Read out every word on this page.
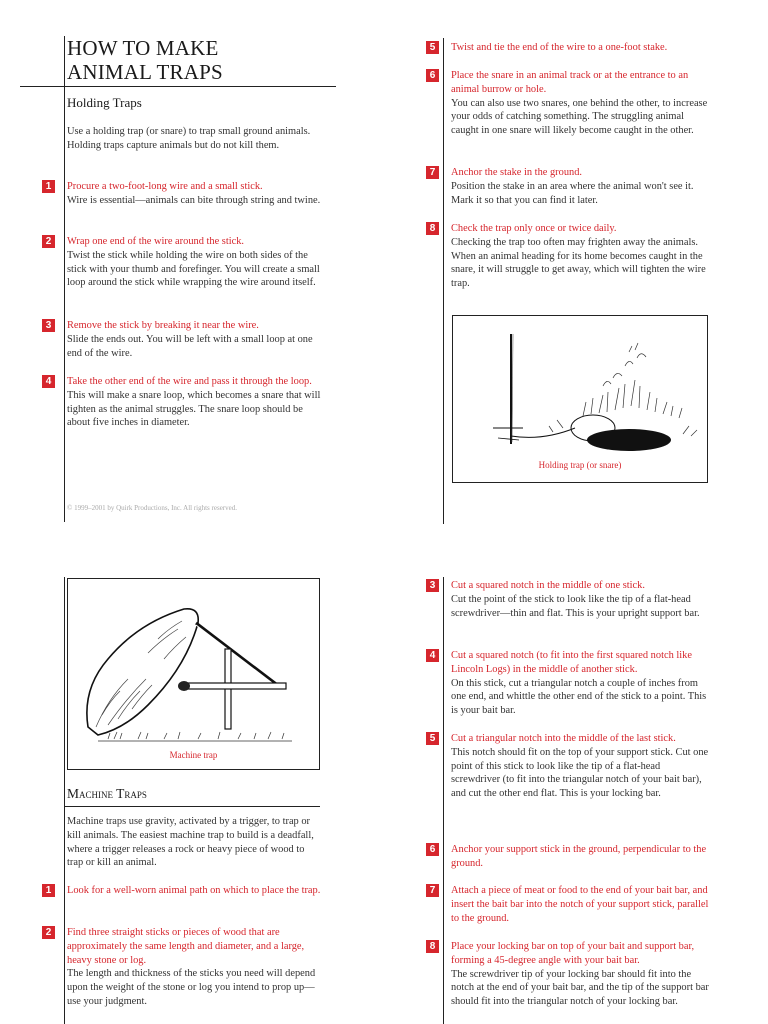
HOW TO MAKE
ANIMAL TRAPS
Holding Traps
Use a holding trap (or snare) to trap small ground animals. Holding traps capture animals but do not kill them.
1	Procure a two-foot-long wire and a small stick.
Wire is essential—animals can bite through string and twine.
2	Wrap one end of the wire around the stick.
Twist the stick while holding the wire on both sides of the stick with your thumb and forefinger. You will create a small loop around the stick while wrapping the wire around itself.
3	Remove the stick by breaking it near the wire.
Slide the ends out. You will be left with a small loop at one end of the wire.
4	Take the other end of the wire and pass it through the loop.
This will make a snare loop, which becomes a snare that will tighten as the animal struggles. The snare loop should be about five inches in diameter.
© 1999–2001 by Quirk Productions, Inc. All rights reserved.
5	Twist and tie the end of the wire to a one-foot stake.
6	Place the snare in an animal track or at the entrance to an animal burrow or hole.
You can also use two snares, one behind the other, to increase your odds of catching something. The struggling animal caught in one snare will likely become caught in the other.
7	Anchor the stake in the ground.
Position the stake in an area where the animal won't see it. Mark it so that you can find it later.
8	Check the trap only once or twice daily.
Checking the trap too often may frighten away the animals. When an animal heading for its home becomes caught in the snare, it will struggle to get away, which will tighten the wire trap.
Holding trap (or snare)
Machine trap
Machine Traps
Machine traps use gravity, activated by a trigger, to trap or kill animals. The easiest machine trap to build is a deadfall, where a trigger releases a rock or heavy piece of wood to trap or kill an animal.
1	Look for a well-worn animal path on which to place the trap.
2	Find three straight sticks or pieces of wood that are approximately the same length and diameter, and a large, heavy stone or log.
The length and thickness of the sticks you need will depend upon the weight of the stone or log you intend to prop up—use your judgment.
3	Cut a squared notch in the middle of one stick.
Cut the point of the stick to look like the tip of a flat-head screwdriver—thin and flat. This is your upright support bar.
4	Cut a squared notch (to fit into the first squared notch like Lincoln Logs) in the middle of another stick.
On this stick, cut a triangular notch a couple of inches from one end, and whittle the other end of the stick to a point. This is your bait bar.
5	Cut a triangular notch into the middle of the last stick.
This notch should fit on the top of your support stick. Cut one point of this stick to look like the tip of a flat-head screwdriver (to fit into the triangular notch of your bait bar), and cut the other end flat. This is your locking bar.
6	Anchor your support stick in the ground, perpendicular to the ground.
7	Attach a piece of meat or food to the end of your bait bar, and insert the bait bar into the notch of your support stick, parallel to the ground.
8	Place your locking bar on top of your bait and support bar, forming a 45-degree angle with your bait bar.
The screwdriver tip of your locking bar should fit into the notch at the end of your bait bar, and the tip of the support bar should fit into the triangular notch of your locking bar.
